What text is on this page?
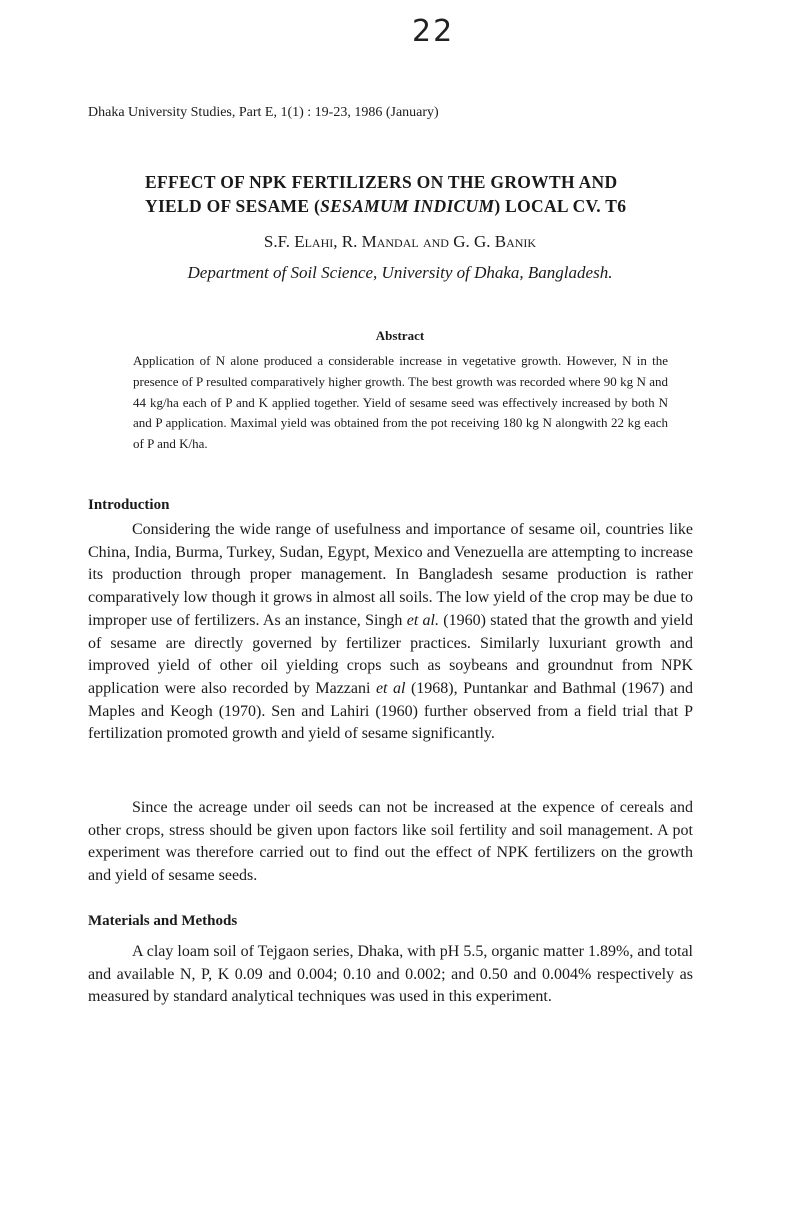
22
Dhaka University Studies, Part E, 1(1) : 19-23, 1986 (January)
EFFECT OF NPK FERTILIZERS ON THE GROWTH AND
YIELD OF SESAME (SESAMUM INDICUM) LOCAL CV. T6
S.F. Elahi, R. Mandal and G. G. Banik
Department of Soil Science, University of Dhaka, Bangladesh.
Abstract

Application of N alone produced a considerable increase in vegetative growth. However, N in the presence of P resulted comparatively higher growth. The best growth was recorded where 90 kg N and 44 kg/ha each of P and K applied together. Yield of sesame seed was effectively increased by both N and P application. Maximal yield was obtained from the pot receiving 180 kg N alongwith 22 kg each of P and K/ha.

Introduction

Considering the wide range of usefulness and importance of sesame oil, countries like China, India, Burma, Turkey, Sudan, Egypt, Mexico and Venezuella are attempting to increase its production through proper management. In Bangladesh sesame production is rather comparatively low though it grows in almost all soils. The low yield of the crop may be due to improper use of fertilizers. As an instance, Singh et al. (1960) stated that the growth and yield of sesame are directly governed by fertilizer practices. Similarly luxuriant growth and improved yield of other oil yielding crops such as soybeans and groundnut from NPK application were also recorded by Mazzani et al (1968), Puntankar and Bathmal (1967) and Maples and Keogh (1970). Sen and Lahiri (1960) further observed from a field trial that P fertilization promoted growth and yield of sesame significantly.

Since the acreage under oil seeds can not be increased at the expence of cereals and other crops, stress should be given upon factors like soil fertility and soil management. A pot experiment was therefore carried out to find out the effect of NPK fertilizers on the growth and yield of sesame seeds.

Materials and Methods

A clay loam soil of Tejgaon series, Dhaka, with pH 5.5, organic matter 1.89%, and total and available N, P, K 0.09 and 0.004; 0.10 and 0.002; and 0.50 and 0.004% respectively as measured by standard analytical techniques was used in this experiment.
